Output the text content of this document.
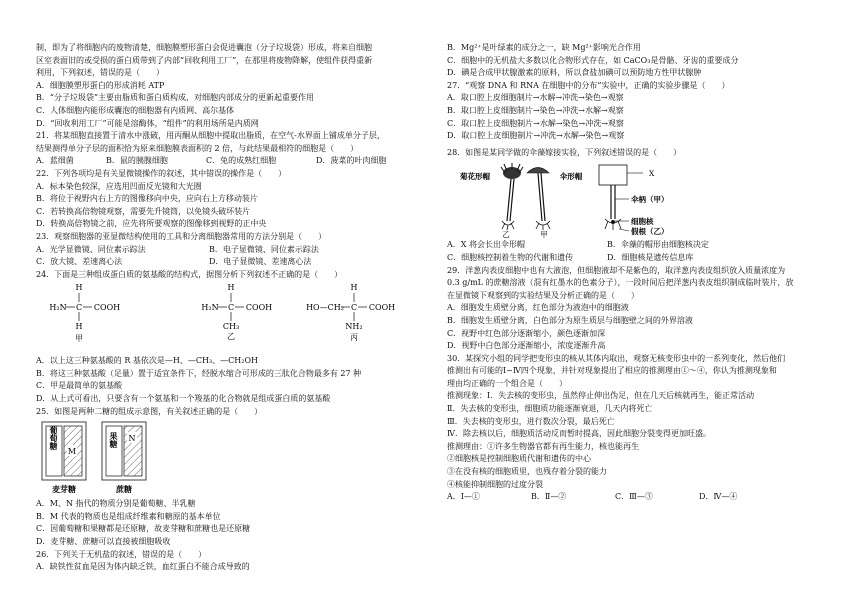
制，即为了将细胞内的废物清楚，细胞膜塑形蛋白会促进囊泡（分子垃圾袋）形成，将来自细胞
区室表面旧的或受损的蛋白质带到了内部“回收利用工厂”，在那里将废物降解，使组件获得重新
利用，下列叙述，错误的是（　　）
A．细胞膜塑形蛋白的形成消耗 ATP
B．“分子垃圾袋”主要由脂质和蛋白质构成，对细胞内部成分的更新起重要作用
C．人体细胞内能形成囊泡的细胞器有内质网、高尔基体
D．“回收利用工厂”可能是溶酶体，“组件”的利用场所是内质网
21．将某细胞直接置于清水中涨破，用丙酮从细胞中提取出脂质，在空气-水界面上铺成单分子层，
结果测得单分子层的面积恰为原来细胞膜表面积的 2 倍，与此结果最相符的细胞是（　　）
A．蓝细菌	B．鼠的胰腺细胞	C．兔的成熟红细胞	D．菠菜的叶肉细胞
22．下列各项均是有关显微镜操作的叙述，其中错误的操作是（　　）
A．标本染色较深，应选用凹面反光镜和大光圈
B．将位于视野内右上方的图像移向中央，应向右上方移动装片
C．若转换高倍物镜观察，需要先升镜筒，以免镜头破坏装片
D．转换高倍物镜之前，应先将所要观察的图像移到视野的正中央
23．观察细胞器的亚显微结构使用的工具和分离细胞器常用的方法分别是（　　）
A．光学显微镜、同位素示踪法	B．电子显微镜、同位素示踪法
C．放大镜、差速离心法	D．电子显微镜、差速离心法
24．下面是三种组成蛋白质的氨基酸的结构式，据图分析下列叙述不正确的是（　　）
H
H₂N C COOH
H
甲
H
H₂N C COOH
CH₃
乙
H
HO—CH₂ C COOH
NH₂
丙
A．以上这三种氨基酸的 R 基依次是—H、—CH₃、—CH₂OH
B．将这三种氨基酸（足量）置于适宜条件下，经脱水缩合可形成的三肽化合物最多有 27 种
C．甲是最简单的氨基酸
D．从上式可看出，只要含有一个氨基和一个羧基的化合物就是组成蛋白质的氨基酸
25．如图是两种二糖的组成示意图，有关叙述正确的是（　　）
葡萄糖
M
麦芽糖
果糖 N
蔗糖
A．M、N 指代的物质分别是葡萄糖、半乳糖
B．M 代表的物质也是组成纤维素和糖原的基本单位
C．因葡萄糖和果糖都是还原糖，故麦芽糖和蔗糖也是还原糖
D．麦芽糖、蔗糖可以直接被细胞吸收
26．下列关于无机盐的叙述，错误的是（　　）
A．缺铁性贫血是因为体内缺乏铁，血红蛋白不能合成导致的
B．Mg²⁺是叶绿素的成分之一，缺 Mg²⁺影响光合作用
C．细胞中的无机盐大多数以化合物形式存在，如 CaCO₃是骨骼、牙齿的重要成分
D．碘是合成甲状腺激素的原料，所以食盐加碘可以预防地方性甲状腺肿
27．“观察 DNA 和 RNA 在细胞中的分布”实验中，正确的实验步骤是（　　）
A．取口腔上皮细胞制片→水解→冲洗→染色→观察
B．取口腔上皮细胞制片→染色→冲洗→水解→观察
C．取口腔上皮细胞制片→水解→染色→冲洗→观察
D．取口腔上皮细胞制片→冲洗→水解→染色→观察
28．如图是某同学做的伞藻嫁接实验，下列叙述错误的是（　　）
乙	甲
菊花形帽	伞形帽	X
伞柄（甲）
细胞核
假根（乙）
A．X 将会长出伞形帽	B．伞藻的帽形由细胞核决定
C．细胞核控制着生物的代谢和遗传	D．细胞核是遗传信息库
29．洋葱内表皮细胞中也有大液泡，但细胞液却不是紫色的，取洋葱内表皮组织放入质量浓度为
0.3 g/mL 的蔗糖溶液（混有红墨水的色素分子），一段时间后把洋葱内表皮组织制成临时装片，放
在显微镜下观察到的实验结果及分析正确的是（　　）
A．细胞发生质壁分离，红色部分为液泡中的细胞液
B．细胞发生质壁分离，白色部分为原生质层与细胞壁之间的外界溶液
C．视野中红色部分逐渐缩小，颜色逐渐加深
D．视野中白色部分逐渐缩小，浓度逐渐升高
30．某探究小组的同学把变形虫的核从其体内取出，观察无核变形虫中的一系列变化，然后他们
推测出有可能的Ⅰ~Ⅳ四个现象，并针对现象提出了相应的推测理由①～④，你认为推测现象和
理由均正确的一个组合是（　　）
推测现象：Ⅰ．失去核的变形虫，虽然停止伸出伪足，但在几天后核就再生，能正常活动
Ⅱ．失去核的变形虫，细胞质功能逐渐衰退，几天内将死亡
Ⅲ．失去核的变形虫，进行数次分裂，最后死亡
Ⅳ．除去核以后，细胞质活动反而暂时提高，因此细胞分裂变得更加旺盛。
推测理由：①许多生物器官都有再生能力，核也能再生
②细胞核是控制细胞质代谢和遗传的中心
③在没有核的细胞质里，也残存着分裂的能力
④核能抑制细胞的过度分裂
A．Ⅰ—①	B．Ⅱ—②	C．Ⅲ—③	D．Ⅳ—④
